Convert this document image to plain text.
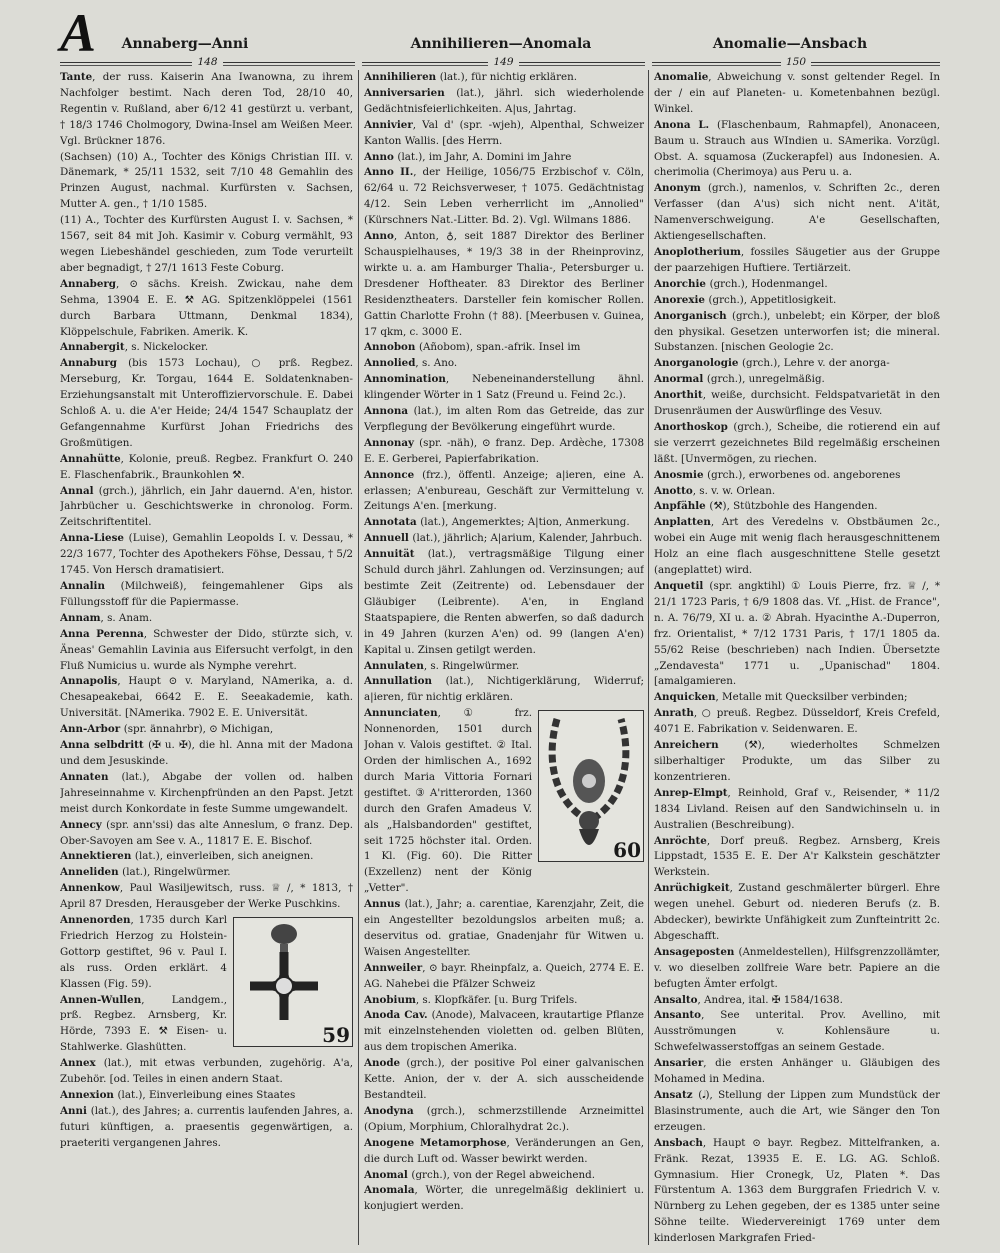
A	Annaberg—Anni	Annihilieren—Anomala	Anomalie—Ansbach
148	149	150

Tante, der russ. Kaiserin Ana Iwanowna, zu ihrem Nachfolger bestimt. Nach deren Tod, 28/10 40, Regentin v. Rußland, aber 6/12 41 gestürzt u. verbant, † 18/3 1746 Cholmogory, Dwina-Insel am Weißen Meer. Vgl. Brückner 1876.

(Sachsen) (10) A., Tochter des Königs Christian III. v. Dänemark, * 25/11 1532, seit 7/10 48 Gemahlin des Prinzen August, nachmal. Kurfürsten v. Sachsen, Mutter A. gen., † 1/10 1585.

(11) A., Tochter des Kurfürsten August I. v. Sachsen, * 1567, seit 84 mit Joh. Kasimir v. Coburg vermählt, 93 wegen Liebeshändel geschieden, zum Tode verurteilt aber begnadigt, † 27/1 1613 Feste Coburg.

Annaberg, ⊙ sächs. Kreish. Zwickau, nahe dem Sehma, 13904 E. E. ⚒ AG. Spitzenklöppelei (1561 durch Barbara Uttmann, Denkmal 1834), Klöppelschule, Fabriken. Amerik. K.

Annabergit, s. Nickelocker.

Annaburg (bis 1573 Lochau), ○ prß. Regbez. Merseburg, Kr. Torgau, 1644 E. Soldatenknaben-Erziehungsanstalt mit Unteroffiziervorschule. E. Dabei Schloß A. u. die A'er Heide; 24/4 1547 Schauplatz der Gefangennahme Kurfürst Johan Friedrichs des Großmütigen.

Annahütte, Kolonie, preuß. Regbez. Frankfurt O. 240 E. Flaschenfabrik., Braunkohlen ⚒.

Annal (grch.), jährlich, ein Jahr dauernd. A'en, histor. Jahrbücher u. Geschichtswerke in chronolog. Form. Zeitschriftentitel.

Anna-Liese (Luise), Gemahlin Leopolds I. v. Dessau, * 22/3 1677, Tochter des Apothekers Föhse, Dessau, † 5/2 1745. Von Hersch dramatisiert.

Annalin (Milchweiß), feingemahlener Gips als Füllungsstoff für die Papiermasse.

Annam, s. Anam.

Anna Perenna, Schwester der Dido, stürzte sich, v. Äneas' Gemahlin Lavinia aus Eifersucht verfolgt, in den Fluß Numicius u. wurde als Nymphe verehrt.

Annapolis, Haupt ⊙ v. Maryland, NAmerika, a. d. Chesapeakebai, 6642 E. E. Seeakademie, kath. Universität. [NAmerika. 7902 E. E. Universität.

Ann-Arbor (spr. ännahrbr), ⊙ Michigan,

Anna selbdritt (✠ u. ✠), die hl. Anna mit der Madona und dem Jesuskinde.

Annaten (lat.), Abgabe der vollen od. halben Jahreseinnahme v. Kirchenpfründen an den Papst. Jetzt meist durch Konkordate in feste Summe umgewandelt.

Annecy (spr. ann'ssi) das alte Anneslum, ⊙ franz. Dep. Ober-Savoyen am See v. A., 11817 E. E. Bischof.

Annektieren (lat.), einverleiben, sich aneignen.

Anneliden (lat.), Ringelwürmer.

Annenkow, Paul Wasiljewitsch, russ. ♕ ∕, * 1813, † April 87 Dresden, Herausgeber der Werke Puschkins.

59

Annenorden, 1735 durch Karl Friedrich Herzog zu Holstein-Gottorp gestiftet, 96 v. Paul I. als russ. Orden erklärt. 4 Klassen (Fig. 59).

Annen-Wullen, Landgem., prß. Regbez. Arnsberg, Kr. Hörde, 7393 E. ⚒ Eisen- u. Stahlwerke. Glashütten.

Annex (lat.), mit etwas verbunden, zugehörig. A'a, Zubehör. [od. Teiles in einen andern Staat.

Annexion (lat.), Einverleibung eines Staates

Anni (lat.), des Jahres; a. currentis laufenden Jahres, a. futuri künftigen, a. praesentis gegenwärtigen, a. praeteriti vergangenen Jahres.

Annihilieren (lat.), für nichtig erklären.

Anniversarien (lat.), jährl. sich wiederholende Gedächtnisfeierlichkeiten. A|us, Jahrtag.

Annivier, Val d' (spr. -wjeh), Alpenthal, Schweizer Kanton Wallis. [des Herrn.

Anno (lat.), im Jahr, A. Domini im Jahre

Anno II., der Heilige, 1056/75 Erzbischof v. Cöln, 62/64 u. 72 Reichsverweser, † 1075. Gedächtnistag 4/12. Sein Leben verherrlicht im „Annolied" (Kürschners Nat.-Litter. Bd. 2). Vgl. Wilmans 1886.

Anno, Anton, ♁, seit 1887 Direktor des Berliner Schauspielhauses, * 19/3 38 in der Rheinprovinz, wirkte u. a. am Hamburger Thalia-, Petersburger u. Dresdener Hoftheater. 83 Direktor des Berliner Residenztheaters. Darsteller fein komischer Rollen. Gattin Charlotte Frohn († 88). [Meerbusen v. Guinea, 17 qkm, c. 3000 E.

Annobon (Añobom), span.-afrik. Insel im

Annolied, s. Ano.

Annomination, Nebeneinanderstellung ähnl. klingender Wörter in 1 Satz (Freund u. Feind 2c.).

Annona (lat.), im alten Rom das Getreide, das zur Verpflegung der Bevölkerung eingeführt wurde.

Annonay (spr. -näh), ⊙ franz. Dep. Ardèche, 17308 E. E. Gerberei, Papierfabrikation.

Annonce (frz.), öffentl. Anzeige; a|ieren, eine A. erlassen; A'enbureau, Geschäft zur Vermittelung v. Zeitungs A'en. [merkung.

Annotata (lat.), Angemerktes; A|tion, Anmerkung.

Annuell (lat.), jährlich; A|arium, Kalender, Jahrbuch.

Annuität (lat.), vertragsmäßige Tilgung einer Schuld durch jährl. Zahlungen od. Verzinsungen; auf bestimte Zeit (Zeitrente) od. Lebensdauer der Gläubiger (Leibrente). A'en, in England Staatspapiere, die Renten abwerfen, so daß dadurch in 49 Jahren (kurzen A'en) od. 99 (langen A'en) Kapital u. Zinsen getilgt werden.

Annulaten, s. Ringelwürmer.

Annullation (lat.), Nichtigerklärung, Widerruf; a|ieren, für nichtig erklären.

60

Annunciaten, ① frz. Nonnenorden, 1501 durch Johan v. Valois gestiftet. ② Ital. Orden der himlischen A., 1692 durch Maria Vittoria Fornari gestiftet. ③ A'ritterorden, 1360 durch den Grafen Amadeus V. als „Halsbandorden" gestiftet, seit 1725 höchster ital. Orden. 1 Kl. (Fig. 60). Die Ritter (Exzellenz) nent der König „Vetter".

Annus (lat.), Jahr; a. carentiae, Karenzjahr, Zeit, die ein Angestellter bezoldungslos arbeiten muß; a. deservitus od. gratiae, Gnadenjahr für Witwen u. Waisen Angestellter.

Annweiler, ⊙ bayr. Rheinpfalz, a. Queich, 2774 E. E. AG. Nahebei die Pfälzer Schweiz

Anobium, s. Klopfkäfer. [u. Burg Trifels.

Anoda Cav. (Anode), Malvaceen, krautartige Pflanze mit einzelnstehenden violetten od. gelben Blüten, aus dem tropischen Amerika.

Anode (grch.), der positive Pol einer galvanischen Kette. Anion, der v. der A. sich ausscheidende Bestandteil.

Anodyna (grch.), schmerzstillende Arzneimittel (Opium, Morphium, Chloralhydrat 2c.).

Anogene Metamorphose, Veränderungen an Gen, die durch Luft od. Wasser bewirkt werden.

Anomal (grch.), von der Regel abweichend.

Anomala, Wörter, die unregelmäßig dekliniert u. konjugiert werden.

Anomalie, Abweichung v. sonst geltender Regel. In der ∕ ein auf Planeten- u. Kometenbahnen bezügl. Winkel.

Anona L. (Flaschenbaum, Rahmapfel), Anonaceen, Baum u. Strauch aus WIndien u. SAmerika. Vorzügl. Obst. A. squamosa (Zuckerapfel) aus Indonesien. A. cherimolia (Cherimoya) aus Peru u. a.

Anonym (grch.), namenlos, v. Schriften 2c., deren Verfasser (dan A'us) sich nicht nent. A'ität, Namenverschweigung. A'e Gesellschaften, Aktiengesellschaften.

Anoplotherium, fossiles Säugetier aus der Gruppe der paarzehigen Huftiere. Tertiärzeit.

Anorchie (grch.), Hodenmangel.

Anorexie (grch.), Appetitlosigkeit.

Anorganisch (grch.), unbelebt; ein Körper, der bloß den physikal. Gesetzen unterworfen ist; die mineral. Substanzen. [nischen Geologie 2c.

Anorganologie (grch.), Lehre v. der anorga-

Anormal (grch.), unregelmäßig.

Anorthit, weiße, durchsicht. Feldspatvarietät in den Drusenräumen der Auswürflinge des Vesuv.

Anorthoskop (grch.), Scheibe, die rotierend ein auf sie verzerrt gezeichnetes Bild regelmäßig erscheinen läßt. [Unvermögen, zu riechen.

Anosmie (grch.), erworbenes od. angeborenes

Anotto, s. v. w. Orlean.

Anpfähle (⚒), Stützbohle des Hangenden.

Anplatten, Art des Veredelns v. Obstbäumen 2c., wobei ein Auge mit wenig flach herausgeschnittenem Holz an eine flach ausgeschnittene Stelle gesetzt (angeplattet) wird.

Anquetil (spr. angktihl) ① Louis Pierre, frz. ♕ ∕, * 21/1 1723 Paris, † 6/9 1808 das. Vf. „Hist. de France", n. A. 76/79, XI u. a. ② Abrah. Hyacinthe A.-Duperron, frz. Orientalist, * 7/12 1731 Paris, † 17/1 1805 da. 55/62 Reise (beschrieben) nach Indien. Übersetzte „Zendavesta" 1771 u. „Upanischad" 1804. [amalgamieren.

Anquicken, Metalle mit Quecksilber verbinden;

Anrath, ○ preuß. Regbez. Düsseldorf, Kreis Crefeld, 4071 E. Fabrikation v. Seidenwaren. E.

Anreichern (⚒), wiederholtes Schmelzen silberhaltiger Produkte, um das Silber zu konzentrieren.

Anrep-Elmpt, Reinhold, Graf v., Reisender, * 11/2 1834 Livland. Reisen auf den Sandwichinseln u. in Australien (Beschreibung).

Anröchte, Dorf preuß. Regbez. Arnsberg, Kreis Lippstadt, 1535 E. E. Der A'r Kalkstein geschätzter Werkstein.

Anrüchigkeit, Zustand geschmälerter bürgerl. Ehre wegen unehel. Geburt od. niederen Berufs (z. B. Abdecker), bewirkte Unfähigkeit zum Zunfteintritt 2c. Abgeschafft.

Ansageposten (Anmeldestellen), Hilfsgrenzzollämter, v. wo dieselben zollfreie Ware betr. Papiere an die befugten Ämter erfolgt.

Ansalto, Andrea, ital. ✠ 1584/1638.

Ansanto, See unterital. Prov. Avellino, mit Ausströmungen v. Kohlensäure u. Schwefelwasserstoffgas an seinem Gestade.

Ansarier, die ersten Anhänger u. Gläubigen des Mohamed in Medina.

Ansatz (𝅘𝅥), Stellung der Lippen zum Mundstück der Blasinstrumente, auch die Art, wie Sänger den Ton erzeugen.

Ansbach, Haupt ⊙ bayr. Regbez. Mittelfranken, a. Fränk. Rezat, 13935 E. E. LG. AG. Schloß. Gymnasium. Hier Cronegk, Uz, Platen *. Das Fürstentum A. 1363 dem Burggrafen Friedrich V. v. Nürnberg zu Lehen gegeben, der es 1385 unter seine Söhne teilte. Wiedervereinigt 1769 unter dem kinderlosen Markgrafen Fried-
